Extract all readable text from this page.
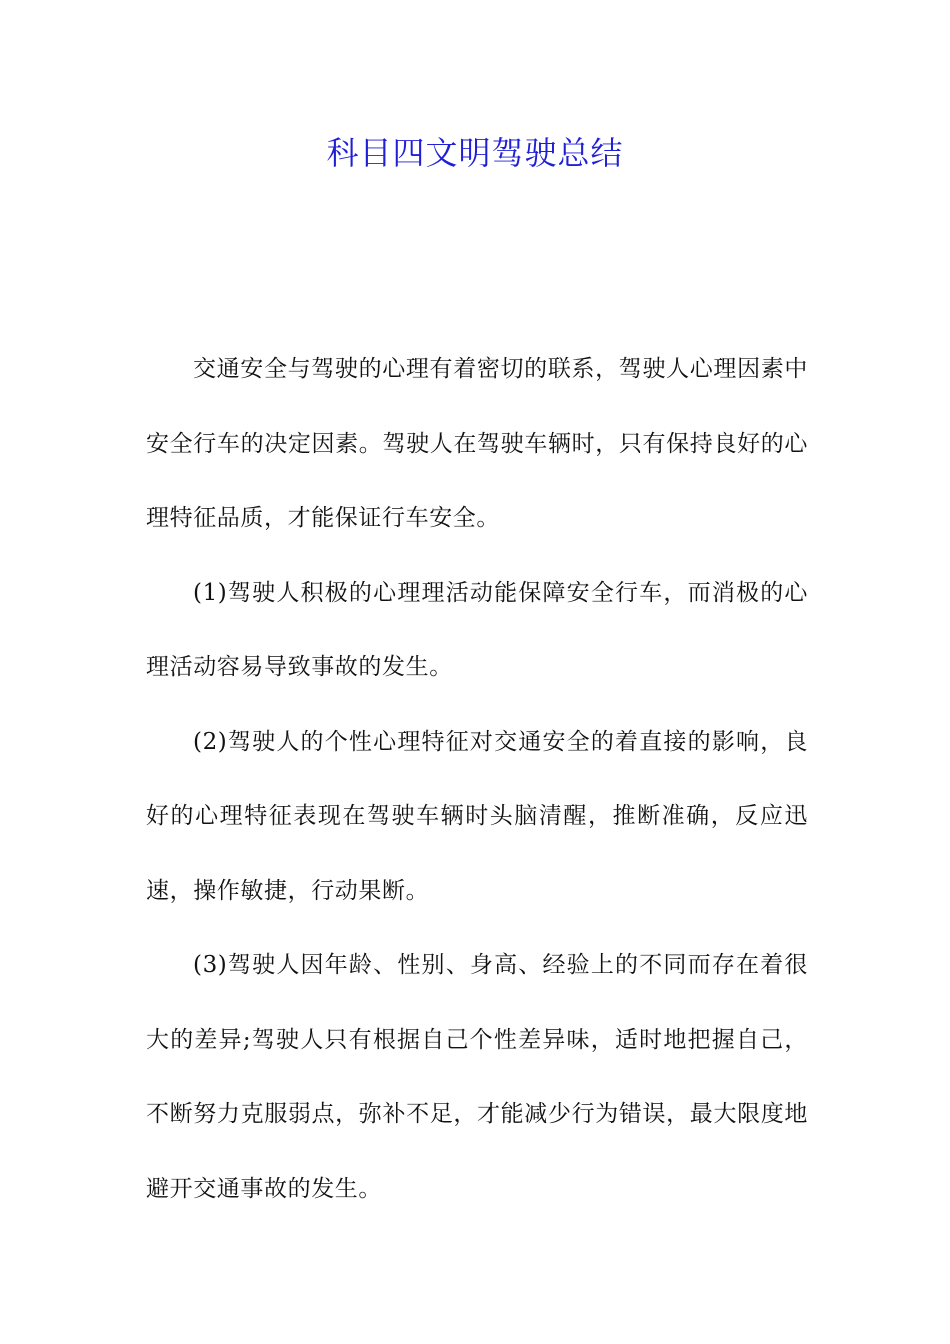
科目四文明驾驶总结

交通安全与驾驶的心理有着密切的联系，驾驶人心理因素中安全行车的决定因素。驾驶人在驾驶车辆时，只有保持良好的心理特征品质，才能保证行车安全。

(1)驾驶人积极的心理理活动能保障安全行车，而消极的心理活动容易导致事故的发生。

(2)驾驶人的个性心理特征对交通安全的着直接的影响，良好的心理特征表现在驾驶车辆时头脑清醒，推断准确，反应迅速，操作敏捷，行动果断。

(3)驾驶人因年龄、性别、身高、经验上的不同而存在着很大的差异;驾驶人只有根据自己个性差异味，适时地把握自己，不断努力克服弱点，弥补不足，才能减少行为错误，最大限度地避开交通事故的发生。
